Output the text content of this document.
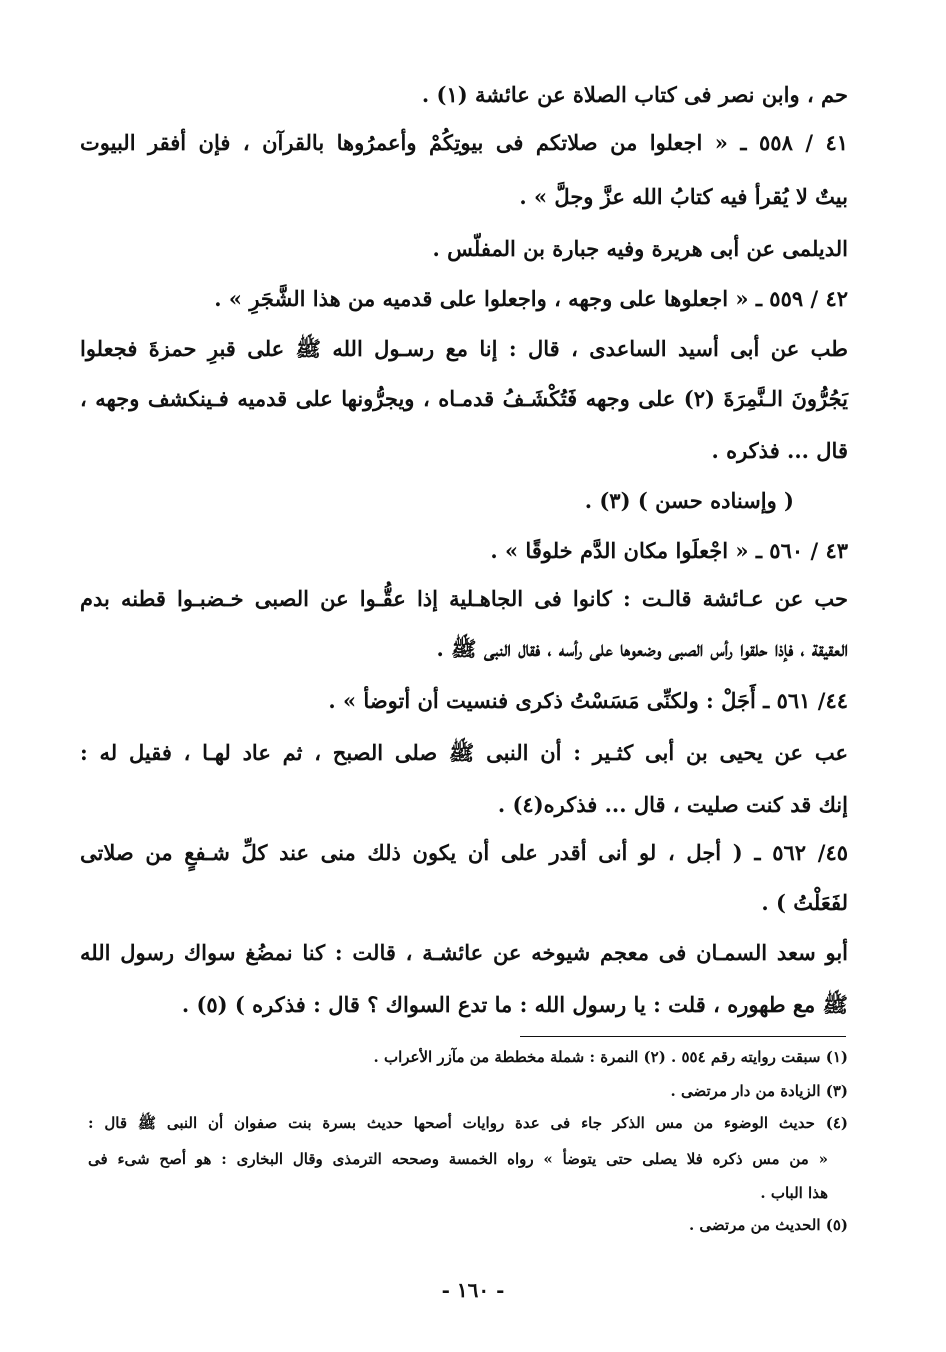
حم ، وابن نصر فى كتاب الصلاة عن عائشة (١) .
٤١ / ٥٥٨ ـ « اجعلوا من صلاتكم فى بيوتِكُمْ وأعمرُوها بالقرآن ، فإن أفقر البيوت
بيتٌ لا يُقرأ فيه كتابُ الله عزَّ وجلَّ » .
الديلمى عن أبى هريرة وفيه جبارة بن المفلّس .
٤٢ / ٥٥٩ ـ « اجعلوها على وجهه ، واجعلوا على قدميه من هذا الشَّجَرِ » .
طب عن أبى أسيد الساعدى ، قال : إنا مع رسـول الله ﷺ على قبرِ حمزةَ فجعلوا
يَجُرُّونَ الـنَّمِرَةَ (٢) على وجهه فَتُكْشَـفُ قدمـاه ، ويجرُّونها على قدميه فـينكشف وجهه ،
قال ... فذكره .
( وإسناده حسن ) (٣) .
٤٣ / ٥٦٠ ـ « اجْعلَوا مكان الدَّم خلوقًا » .
حب عن عـائشة قالـت : كانوا فى الجاهـلية إذا عقُّـوا عن الصبى خـضبـوا قطنه بدم
العقيقة ، فإذا حلقوا رأس الصبى وضعوها على رأسه ، فقال النبى ﷺ .
٤٤/ ٥٦١ ـ أَجَلْ : ولكنِّى مَسَسْتُ ذكرى فنسيت أن أتوضأ » .
عب عن يحيى بن أبى كثـير : أن النبى ﷺ صلى الصبح ، ثم عاد لهـا ، فقيل له :
إنك قد كنت صليت ، قال ... فذكره(٤) .
٤٥/ ٥٦٢ ـ ( أجل ، لو أنى أقدر على أن يكون ذلك منى عند كلِّ شـفعٍ من صلاتى
لفَعَلْتُ ) .
أبو سعد السمـان فى معجم شيوخه عن عائشـة ، قالت : كنا نمضُغ سواك رسول الله
ﷺ مع طهوره ، قلت : يا رسول الله : ما تدع السواك ؟ قال : فذكره ) (٥) .
(١) سبقت روايته رقم ٥٥٤ . (٢) النمرة : شملة مخططة من مآزر الأعراب .
(٣) الزيادة من دار مرتضى .
(٤) حديث الوضوء من مس الذكر جاء فى عدة روايات أصحها حديث بسرة بنت صفوان أن النبى ﷺ قال :
« من مس ذكره فلا يصلى حتى يتوضأ » رواه الخمسة وصححه الترمذى وقال البخارى : هو أصح شىء فى
هذا الباب .
(٥) الحديث من مرتضى .
- ١٦٠ -
